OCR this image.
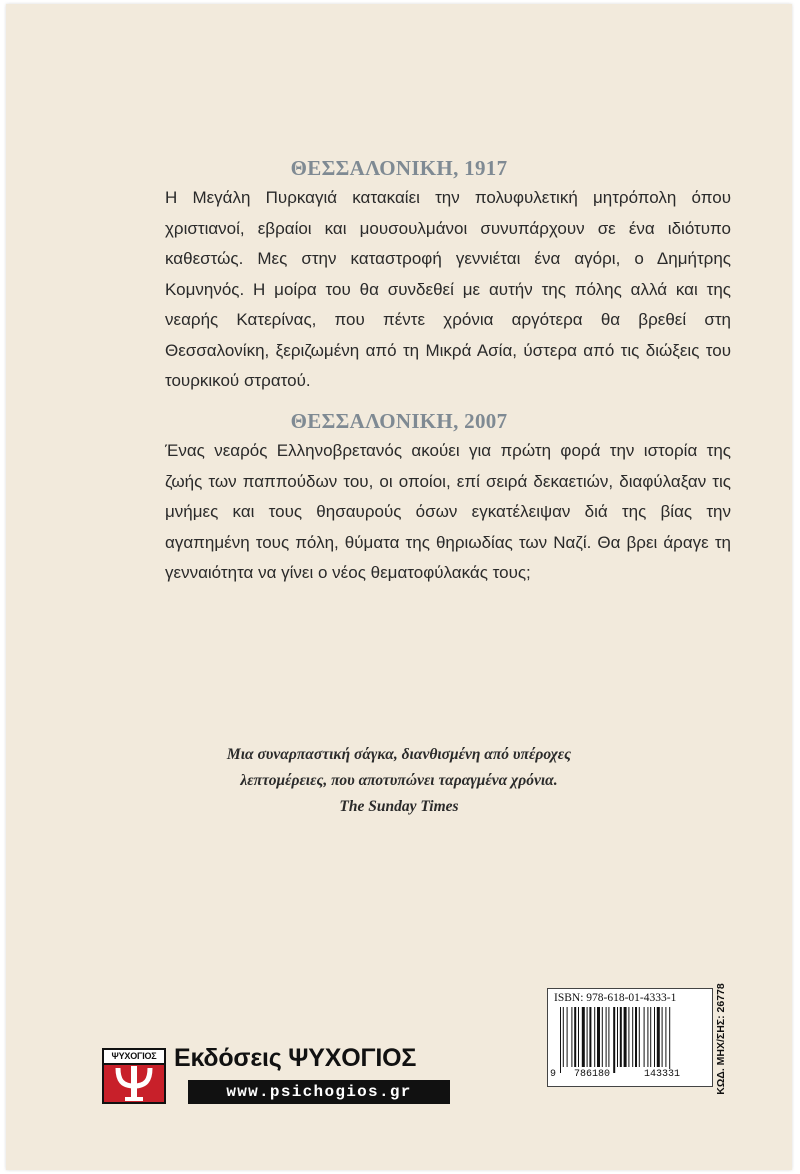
ΘΕΣΣΑΛΟΝΙΚΗ, 1917

Η Μεγάλη Πυρκαγιά κατακαίει την πολυφυλετική μητρόπολη όπου χριστιανοί, εβραίοι και μουσουλμάνοι συνυπάρχουν σε ένα ιδιότυπο καθεστώς. Μες στην καταστροφή γεννιέται ένα αγόρι, ο Δημήτρης Κομνηνός. Η μοίρα του θα συνδεθεί με αυτήν της πόλης αλλά και της νεαρής Κατερίνας, που πέντε χρόνια αργότερα θα βρεθεί στη Θεσσαλονίκη, ξεριζωμένη από τη Μικρά Ασία, ύστερα από τις διώξεις του τουρκικού στρατού.

ΘΕΣΣΑΛΟΝΙΚΗ, 2007

Ένας νεαρός Ελληνοβρετανός ακούει για πρώτη φορά την ιστορία της ζωής των παππούδων του, οι οποίοι, επί σειρά δεκαετιών, διαφύλαξαν τις μνήμες και τους θησαυρούς όσων εγκατέλειψαν διά της βίας την αγαπημένη τους πόλη, θύματα της θηριωδίας των Ναζί. Θα βρει άραγε τη γενναιότητα να γίνει ο νέος θεματοφύλακάς τους;

Μια συναρπαστική σάγκα, διανθισμένη από υπέροχες
λεπτομέρειες, που αποτυπώνει ταραγμένα χρόνια.
The Sunday Times
ΨΥΧΟΓΙΟΣ Εκδόσεις ΨΥΧΟΓΙΟΣ
www.psichogios.gr
ISBN: 978-618-01-4333-1
9 786180	143331	ΚΩΔ. ΜΗΧ/ΣΗΣ: 26778
